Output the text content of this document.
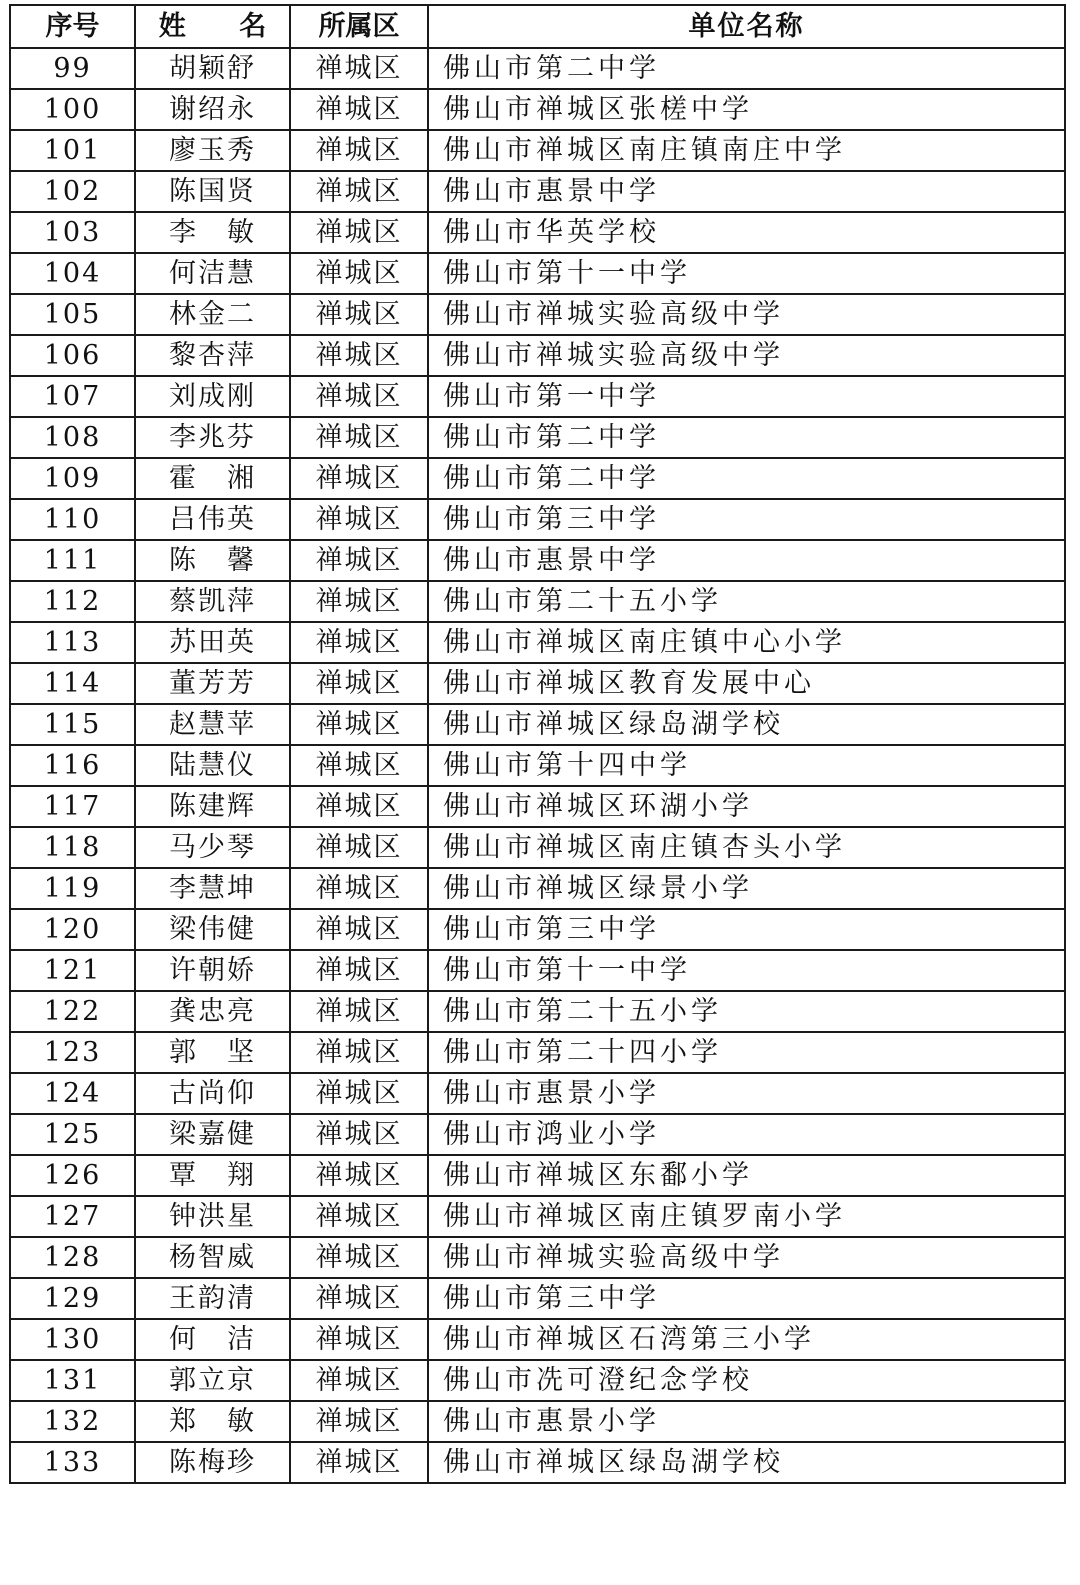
序号	姓 名	所属区	单位名称
99	胡颖舒	禅城区	佛山市第二中学
100	谢绍永	禅城区	佛山市禅城区张槎中学
101	廖玉秀	禅城区	佛山市禅城区南庄镇南庄中学
102	陈国贤	禅城区	佛山市惠景中学
103	李　敏	禅城区	佛山市华英学校
104	何洁慧	禅城区	佛山市第十一中学
105	林金二	禅城区	佛山市禅城实验高级中学
106	黎杏萍	禅城区	佛山市禅城实验高级中学
107	刘成刚	禅城区	佛山市第一中学
108	李兆芬	禅城区	佛山市第二中学
109	霍　湘	禅城区	佛山市第二中学
110	吕伟英	禅城区	佛山市第三中学
111	陈　馨	禅城区	佛山市惠景中学
112	蔡凯萍	禅城区	佛山市第二十五小学
113	苏田英	禅城区	佛山市禅城区南庄镇中心小学
114	董芳芳	禅城区	佛山市禅城区教育发展中心
115	赵慧苹	禅城区	佛山市禅城区绿岛湖学校
116	陆慧仪	禅城区	佛山市第十四中学
117	陈建辉	禅城区	佛山市禅城区环湖小学
118	马少琴	禅城区	佛山市禅城区南庄镇杏头小学
119	李慧坤	禅城区	佛山市禅城区绿景小学
120	梁伟健	禅城区	佛山市第三中学
121	许朝娇	禅城区	佛山市第十一中学
122	龚忠亮	禅城区	佛山市第二十五小学
123	郭　坚	禅城区	佛山市第二十四小学
124	古尚仰	禅城区	佛山市惠景小学
125	梁嘉健	禅城区	佛山市鸿业小学
126	覃　翔	禅城区	佛山市禅城区东鄱小学
127	钟洪星	禅城区	佛山市禅城区南庄镇罗南小学
128	杨智威	禅城区	佛山市禅城实验高级中学
129	王韵清	禅城区	佛山市第三中学
130	何　洁	禅城区	佛山市禅城区石湾第三小学
131	郭立京	禅城区	佛山市冼可澄纪念学校
132	郑　敏	禅城区	佛山市惠景小学
133	陈梅珍	禅城区	佛山市禅城区绿岛湖学校
